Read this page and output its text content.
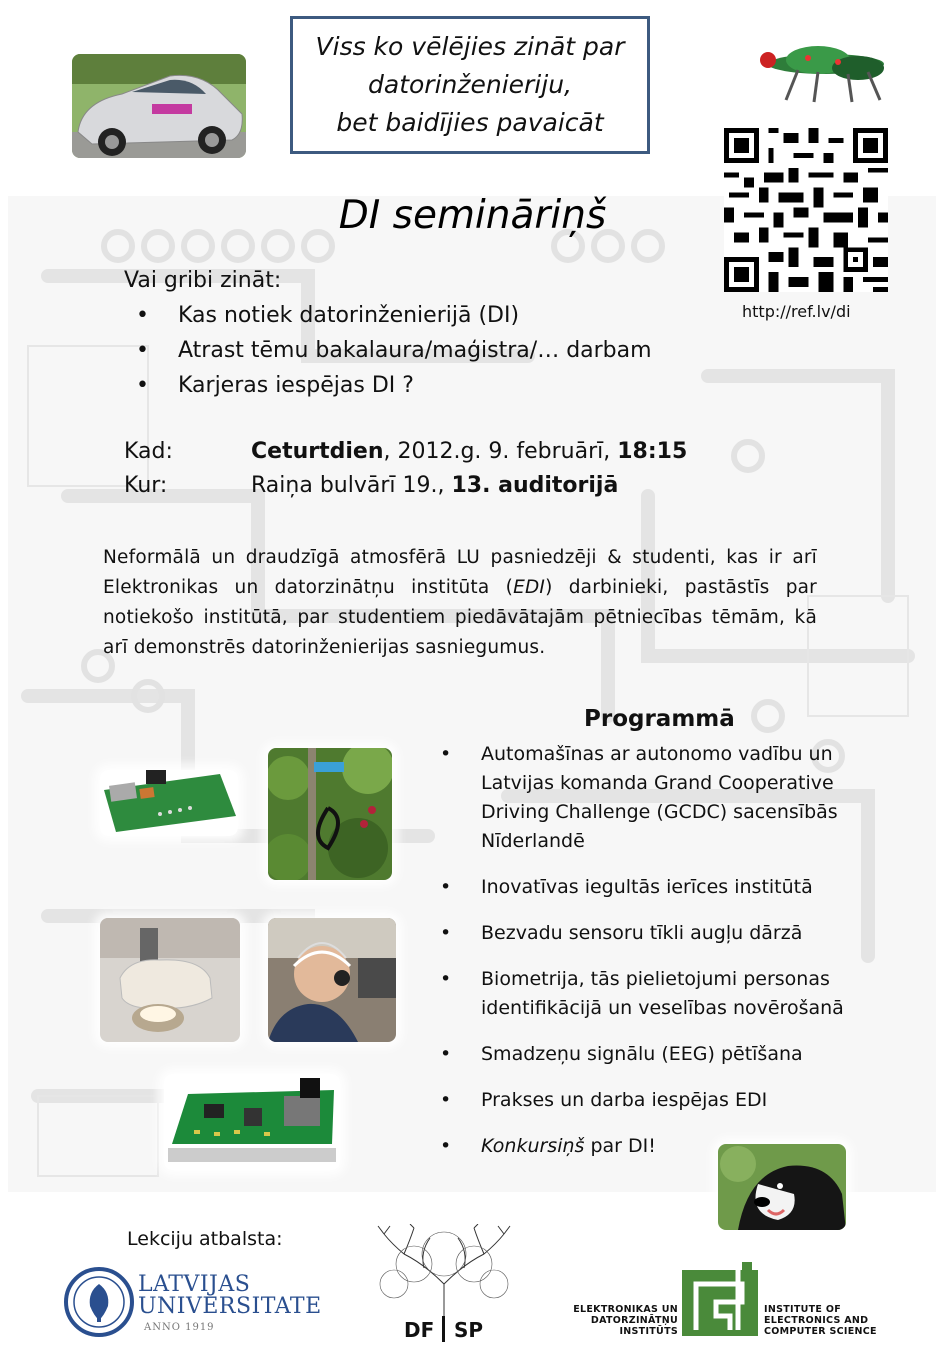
Viss ko vēlējies zināt par
datorinženieriju,
bet baidījies pavaicāt
http://ref.lv/di
DI semināriņš
Vai gribi zināt:
•	Kas notiek datorinženierijā (DI)
•	Atrast tēmu bakalaura/maģistra/… darbam
•	Karjeras iespējas DI ?
Kad:	Ceturtdien, 2012.g. 9. februārī, 18:15
Kur:	Raiņa bulvārī 19., 13. auditorijā
Neformālā un draudzīgā atmosfērā LU pasniedzēji & studenti, kas ir arī Elektronikas un datorzinātņu institūta (EDI) darbinieki, pastāstīs par notiekošo institūtā, par studentiem piedāvātajām pētniecības tēmām, kā arī demonstrēs datorinženierijas sasniegumus.
Programmā
•	Automašīnas ar autonomo vadību un Latvijas komanda Grand Cooperative Driving Challenge (GCDC) sacensībās Nīderlandē
•	Inovatīvas iegultās ierīces institūtā
•	Bezvadu sensoru tīkli augļu dārzā
•	Biometrija, tās pielietojumi personas identifikācijā un veselības novērošanā
•	Smadzeņu signālu (EEG) pētīšana
•	Prakses un darba iespējas EDI
•	Konkursiņš par DI!
Lekciju atbalsta:
LATVIJAS
UNIVERSITATE
ANNO 1919	DF SP
ELEKTRONIKAS UN
DATORZINĀTŅU
INSTITŪTS
INSTITUTE OF
ELECTRONICS AND
COMPUTER SCIENCE
